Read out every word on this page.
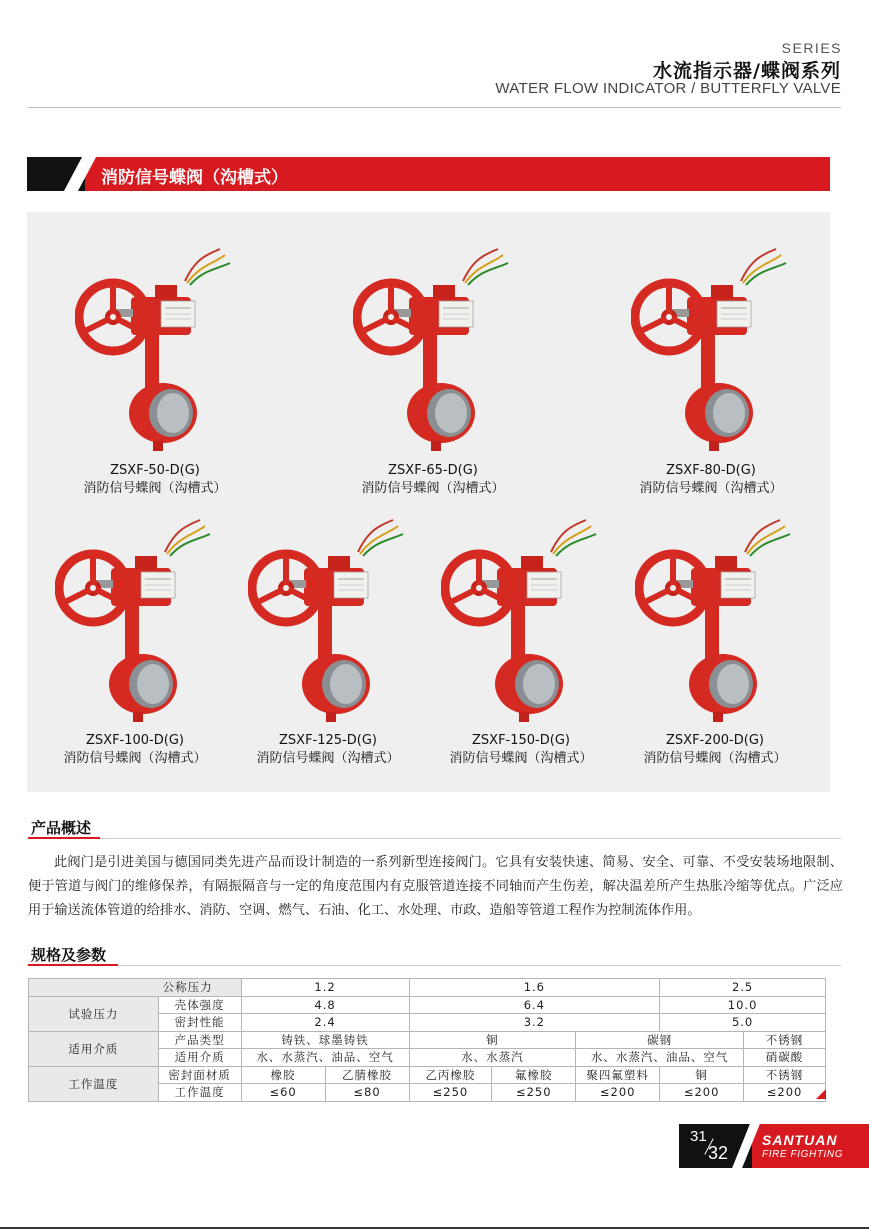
SERIES
水流指示器/蝶阀系列
WATER FLOW INDICATOR / BUTTERFLY VALVE
消防信号蝶阀（沟槽式）
ZSXF-50-D(G)
消防信号蝶阀（沟槽式）
ZSXF-65-D(G)
消防信号蝶阀（沟槽式）
ZSXF-80-D(G)
消防信号蝶阀（沟槽式）
ZSXF-100-D(G)
消防信号蝶阀（沟槽式）
ZSXF-125-D(G)
消防信号蝶阀（沟槽式）
ZSXF-150-D(G)
消防信号蝶阀（沟槽式）
ZSXF-200-D(G)
消防信号蝶阀（沟槽式）
产品概述
此阀门是引进美国与德国同类先进产品而设计制造的一系列新型连接阀门。它具有安装快速、简易、安全、可靠、不受安装场地限制、便于管道与阀门的维修保养，有隔振隔音与一定的角度范围内有克服管道连接不同轴而产生伤差，解决温差所产生热胀冷缩等优点。广泛应用于输送流体管道的给排水、消防、空调、燃气、石油、化工、水处理、市政、造船等管道工程作为控制流体作用。
规格及参数
公称压力		1.2		1.6			2.5	
试验压力	壳体强度	4.8		6.4			10.0	
	密封性能	2.4		3.2			5.0	
适用介质	产品类型	铸铁、球墨铸铁		铜		碳钢		不锈钢
	适用介质	水、水蒸汽、油品、空气		水、水蒸汽		水、水蒸汽、油品、空气		硝碳酸
工作温度	密封面材质	橡胶	乙腈橡胶	乙丙橡胶	氟橡胶	聚四氟塑料	铜	不锈钢
	工作温度	≤60	≤80	≤250	≤250	≤200	≤200	≤200
31
32
SANTUAN
FIRE FIGHTING
